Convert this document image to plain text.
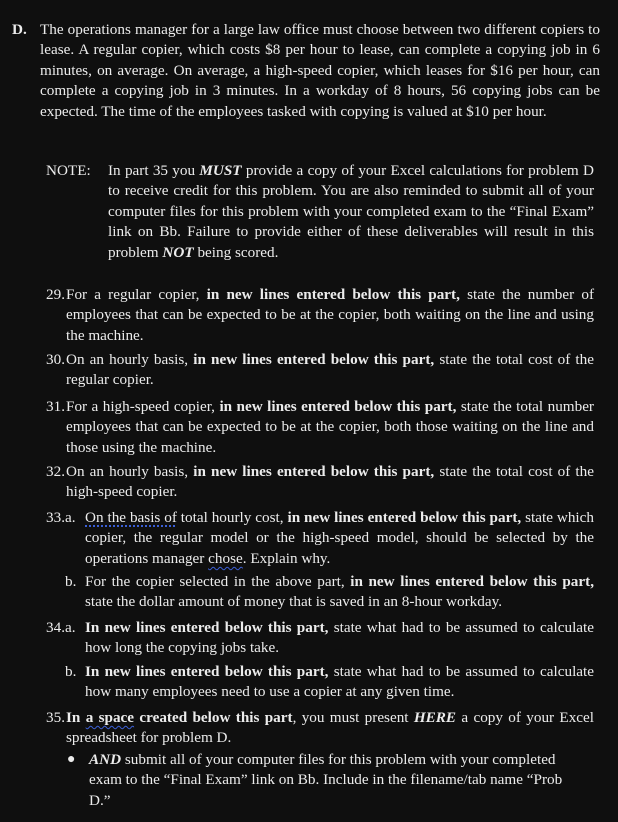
D. The operations manager for a large law office must choose between two different copiers to lease. A regular copier, which costs $8 per hour to lease, can complete a copying job in 6 minutes, on average. On average, a high-speed copier, which leases for $16 per hour, can complete a copying job in 3 minutes. In a workday of 8 hours, 56 copying jobs can be expected. The time of the employees tasked with copying is valued at $10 per hour.
NOTE:	In part 35 you MUST provide a copy of your Excel calculations for problem D to receive credit for this problem. You are also reminded to submit all of your computer files for this problem with your completed exam to the “Final Exam” link on Bb. Failure to provide either of these deliverables will result in this problem NOT being scored.
29. For a regular copier, in new lines entered below this part, state the number of employees that can be expected to be at the copier, both waiting on the line and using the machine.
30. On an hourly basis, in new lines entered below this part, state the total cost of the regular copier.
31. For a high-speed copier, in new lines entered below this part, state the total number employees that can be expected to be at the copier, both those waiting on the line and those using the machine.
32. On an hourly basis, in new lines entered below this part, state the total cost of the high-speed copier.
33. a. On the basis of total hourly cost, in new lines entered below this part, state which copier, the regular model or the high-speed model, should be selected by the operations manager chose. Explain why.
b. For the copier selected in the above part, in new lines entered below this part, state the dollar amount of money that is saved in an 8-hour workday.
34. a. In new lines entered below this part, state what had to be assumed to calculate how long the copying jobs take.
b. In new lines entered below this part, state what had to be assumed to calculate how many employees need to use a copier at any given time.
35. In a space created below this part, you must present HERE a copy of your Excel spreadsheet for problem D.
● AND submit all of your computer files for this problem with your completed exam to the “Final Exam” link on Bb. Include in the filename/tab name “Prob D.”
